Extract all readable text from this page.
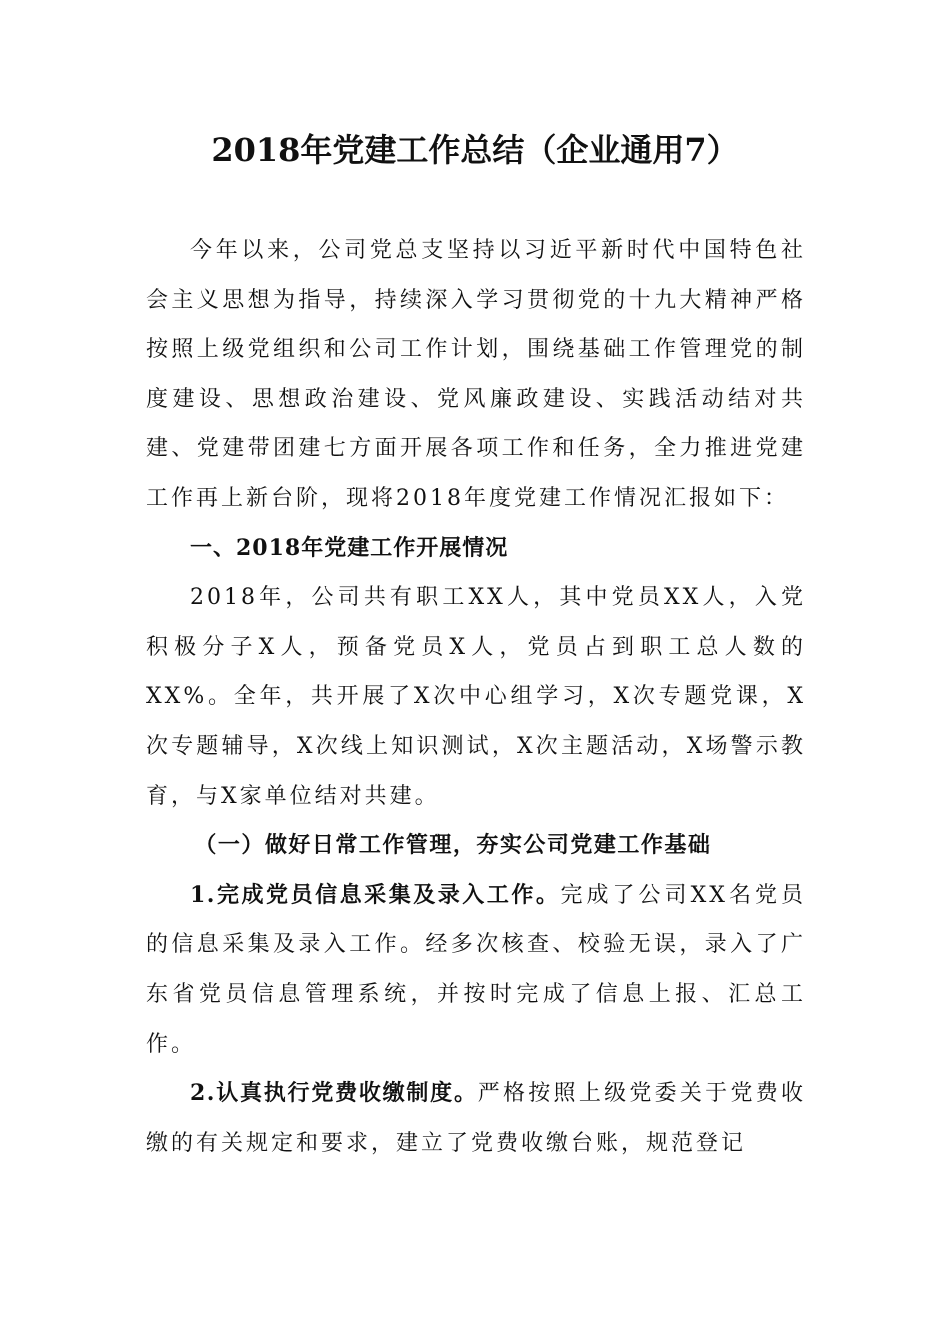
2018年党建工作总结（企业通用7）

今年以来，公司党总支坚持以习近平新时代中国特色社会主义思想为指导，持续深入学习贯彻党的十九大精神严格按照上级党组织和公司工作计划，围绕基础工作管理党的制度建设、思想政治建设、党风廉政建设、实践活动结对共建、党建带团建七方面开展各项工作和任务，全力推进党建工作再上新台阶，现将2018年度党建工作情况汇报如下：

一、2018年党建工作开展情况

2018年，公司共有职工XX人，其中党员XX人，入党积极分子X人，预备党员X人，党员占到职工总人数的XX%。全年，共开展了X次中心组学习，X次专题党课，X次专题辅导，X次线上知识测试，X次主题活动，X场警示教育，与X家单位结对共建。

（一）做好日常工作管理，夯实公司党建工作基础

1.完成党员信息采集及录入工作。完成了公司XX名党员的信息采集及录入工作。经多次核查、校验无误，录入了广东省党员信息管理系统，并按时完成了信息上报、汇总工作。

2.认真执行党费收缴制度。严格按照上级党委关于党费收缴的有关规定和要求，建立了党费收缴台账，规范登记
